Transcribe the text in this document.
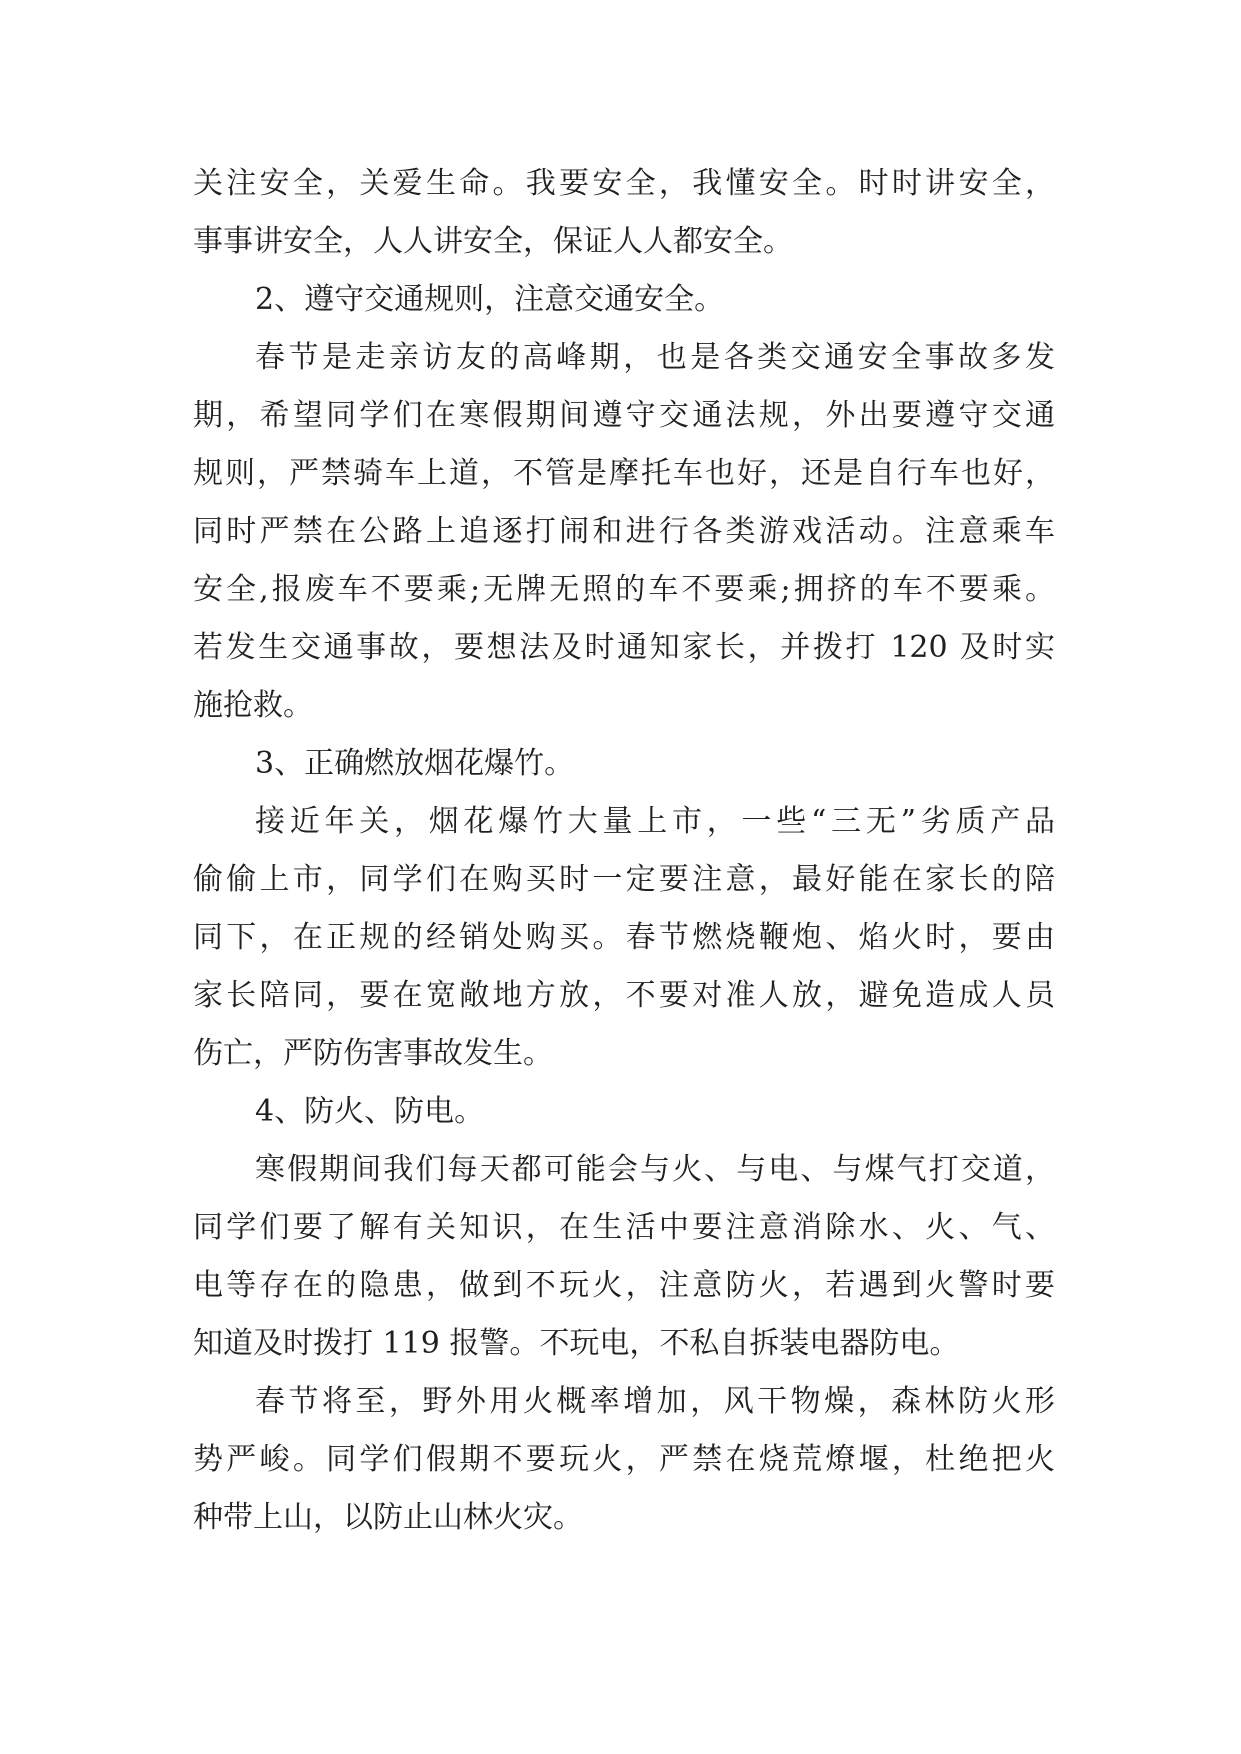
关注安全，关爱生命。我要安全，我懂安全。时时讲安全，
事事讲安全，人人讲安全，保证人人都安全。
2、遵守交通规则，注意交通安全。
春节是走亲访友的高峰期，也是各类交通安全事故多发
期，希望同学们在寒假期间遵守交通法规，外出要遵守交通
规则，严禁骑车上道，不管是摩托车也好，还是自行车也好，
同时严禁在公路上追逐打闹和进行各类游戏活动。注意乘车
安全,报废车不要乘;无牌无照的车不要乘;拥挤的车不要乘。
若发生交通事故，要想法及时通知家长，并拨打 120 及时实
施抢救。
3、正确燃放烟花爆竹。
接近年关，烟花爆竹大量上市，一些“三无”劣质产品
偷偷上市，同学们在购买时一定要注意，最好能在家长的陪
同下，在正规的经销处购买。春节燃烧鞭炮、焰火时，要由
家长陪同，要在宽敞地方放，不要对准人放，避免造成人员
伤亡，严防伤害事故发生。
4、防火、防电。
寒假期间我们每天都可能会与火、与电、与煤气打交道，
同学们要了解有关知识，在生活中要注意消除水、火、气、
电等存在的隐患，做到不玩火，注意防火，若遇到火警时要
知道及时拨打 119 报警。不玩电，不私自拆装电器防电。
春节将至，野外用火概率增加，风干物燥，森林防火形
势严峻。同学们假期不要玩火，严禁在烧荒燎堰，杜绝把火
种带上山，以防止山林火灾。
